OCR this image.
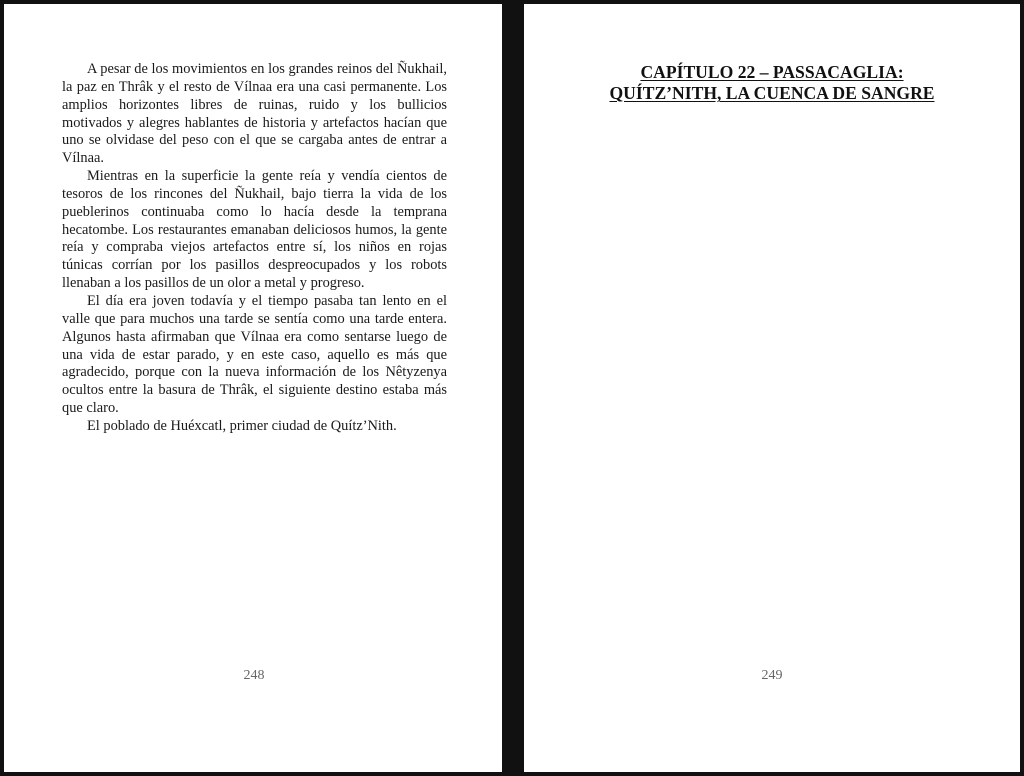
A pesar de los movimientos en los grandes reinos del Ñukhail, la paz en Thrâk y el resto de Vílnaa era una casi permanente. Los amplios horizontes libres de ruinas, ruido y los bullicios motivados y alegres hablantes de historia y artefactos hacían que uno se olvidase del peso con el que se cargaba antes de entrar a Vílnaa.

Mientras en la superficie la gente reía y vendía cientos de tesoros de los rincones del Ñukhail, bajo tierra la vida de los pueblerinos continuaba como lo hacía desde la temprana hecatombe. Los restaurantes emanaban deliciosos humos, la gente reía y compraba viejos artefactos entre sí, los niños en rojas túnicas corrían por los pasillos despreocupados y los robots llenaban a los pasillos de un olor a metal y progreso.

El día era joven todavía y el tiempo pasaba tan lento en el valle que para muchos una tarde se sentía como una tarde entera. Algunos hasta afirmaban que Vílnaa era como sentarse luego de una vida de estar parado, y en este caso, aquello es más que agradecido, porque con la nueva información de los Nêtyzenya ocultos entre la basura de Thrâk, el siguiente destino estaba más que claro.

El poblado de Huéxcatl, primer ciudad de Quítz’Nith.

248
CAPÍTULO 22 – PASSACAGLIA:
QUÍTZ’NITH, LA CUENCA DE SANGRE
249
